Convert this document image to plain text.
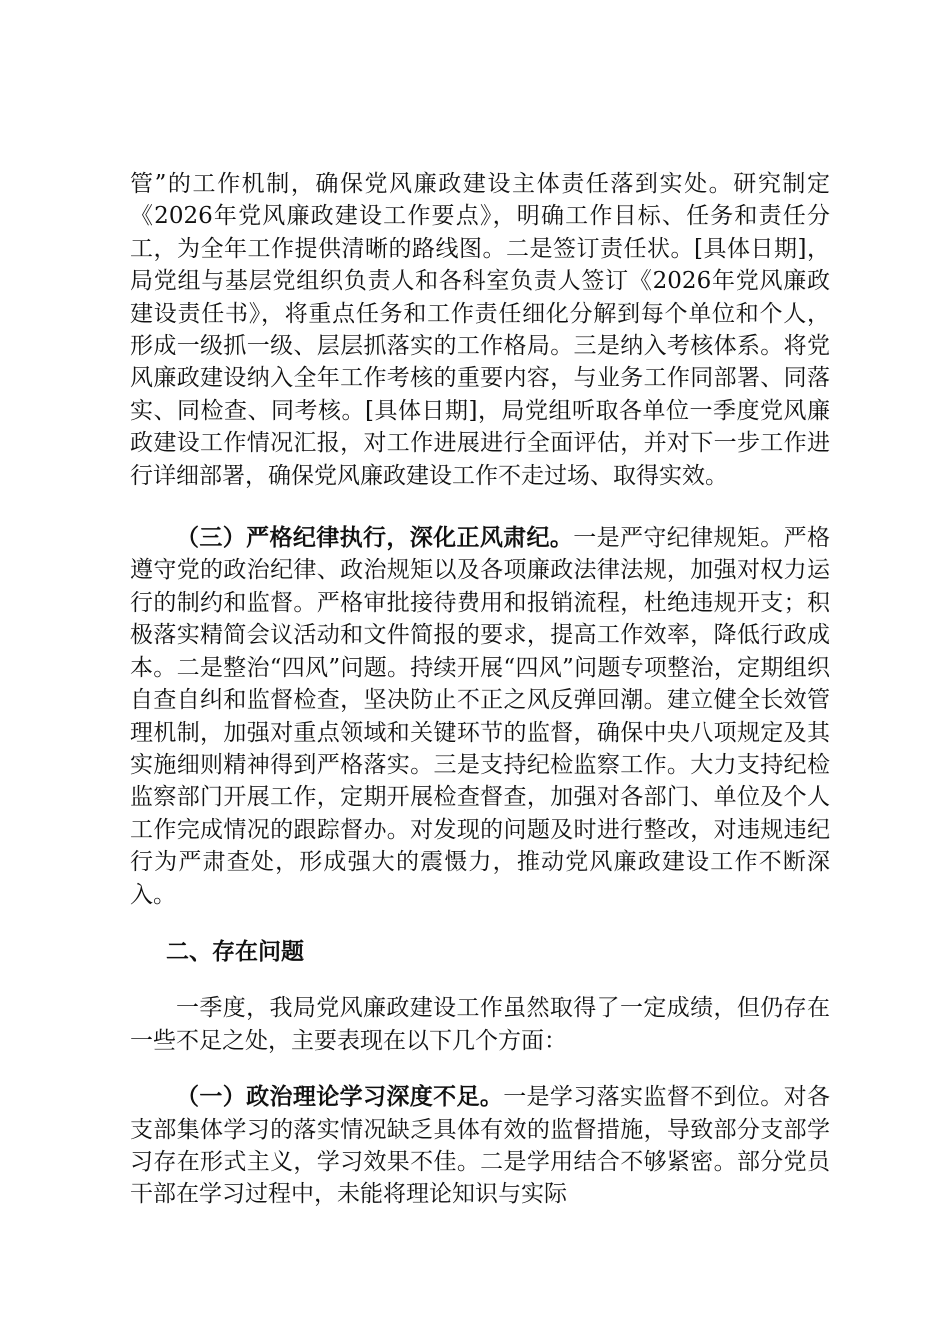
管”的工作机制，确保党风廉政建设主体责任落到实处。研究制定《2026年党风廉政建设工作要点》，明确工作目标、任务和责任分工，为全年工作提供清晰的路线图。二是签订责任状。[具体日期]，局党组与基层党组织负责人和各科室负责人签订《2026年党风廉政建设责任书》，将重点任务和工作责任细化分解到每个单位和个人，形成一级抓一级、层层抓落实的工作格局。三是纳入考核体系。将党风廉政建设纳入全年工作考核的重要内容，与业务工作同部署、同落实、同检查、同考核。[具体日期]，局党组听取各单位一季度党风廉政建设工作情况汇报，对工作进展进行全面评估，并对下一步工作进行详细部署，确保党风廉政建设工作不走过场、取得实效。

（三）严格纪律执行，深化正风肃纪。一是严守纪律规矩。严格遵守党的政治纪律、政治规矩以及各项廉政法律法规，加强对权力运行的制约和监督。严格审批接待费用和报销流程，杜绝违规开支；积极落实精简会议活动和文件简报的要求，提高工作效率，降低行政成本。二是整治“四风”问题。持续开展“四风”问题专项整治，定期组织自查自纠和监督检查，坚决防止不正之风反弹回潮。建立健全长效管理机制，加强对重点领域和关键环节的监督，确保中央八项规定及其实施细则精神得到严格落实。三是支持纪检监察工作。大力支持纪检监察部门开展工作，定期开展检查督查，加强对各部门、单位及个人工作完成情况的跟踪督办。对发现的问题及时进行整改，对违规违纪行为严肃查处，形成强大的震慑力，推动党风廉政建设工作不断深入。

二、存在问题

一季度，我局党风廉政建设工作虽然取得了一定成绩，但仍存在一些不足之处，主要表现在以下几个方面：

（一）政治理论学习深度不足。一是学习落实监督不到位。对各支部集体学习的落实情况缺乏具体有效的监督措施，导致部分支部学习存在形式主义，学习效果不佳。二是学用结合不够紧密。部分党员干部在学习过程中，未能将理论知识与实际
